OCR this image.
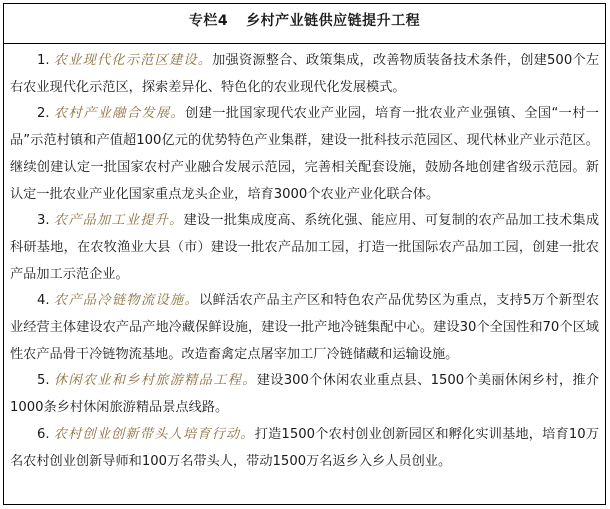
专栏4 乡村产业链供应链提升工程

1. 农业现代化示范区建设。加强资源整合、政策集成，改善物质装备技术条件，创建500个左右农业现代化示范区，探索差异化、特色化的农业现代化发展模式。

2. 农村产业融合发展。创建一批国家现代农业产业园，培育一批农业产业强镇、全国“一村一品”示范村镇和产值超100亿元的优势特色产业集群，建设一批科技示范园区、现代林业产业示范区。继续创建认定一批国家农村产业融合发展示范园，完善相关配套设施，鼓励各地创建省级示范园。新认定一批农业产业化国家重点龙头企业，培育3000个农业产业化联合体。

3. 农产品加工业提升。建设一批集成度高、系统化强、能应用、可复制的农产品加工技术集成科研基地，在农牧渔业大县（市）建设一批农产品加工园，打造一批国际农产品加工园，创建一批农产品加工示范企业。

4. 农产品冷链物流设施。以鲜活农产品主产区和特色农产品优势区为重点，支持5万个新型农业经营主体建设农产品产地冷藏保鲜设施，建设一批产地冷链集配中心。建设30个全国性和70个区域性农产品骨干冷链物流基地。改造畜禽定点屠宰加工厂冷链储藏和运输设施。

5. 休闲农业和乡村旅游精品工程。建设300个休闲农业重点县、1500个美丽休闲乡村，推介1000条乡村休闲旅游精品景点线路。

6. 农村创业创新带头人培育行动。打造1500个农村创业创新园区和孵化实训基地，培育10万名农村创业创新导师和100万名带头人，带动1500万名返乡入乡人员创业。
